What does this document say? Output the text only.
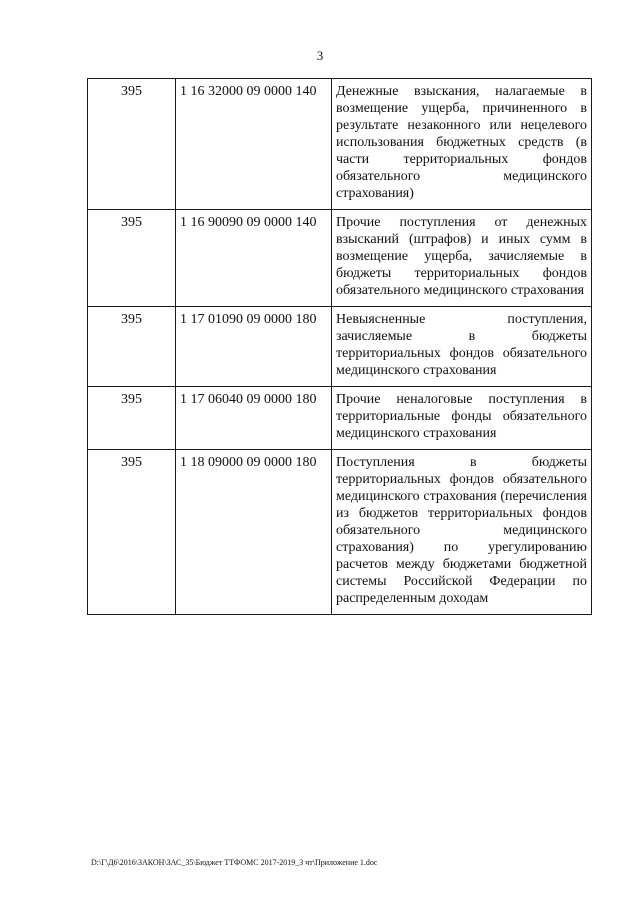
3
395	1 16 32000 09 0000 140	Денежные взыскания, налагаемые в возмещение ущерба, причиненного в результате незаконного или нецелевого использования бюджетных средств (в части территориальных фондов обязательного медицинского страхования)
395	1 16 90090 09 0000 140	Прочие поступления от денежных взысканий (штрафов) и иных сумм в возмещение ущерба, зачисляемые в бюджеты территориальных фондов обязательного медицинского страхования
395	1 17 01090 09 0000 180	Невыясненные поступления, зачисляемые в бюджеты территориальных фондов обязательного медицинского страхования
395	1 17 06040 09 0000 180	Прочие неналоговые поступления в территориальные фонды обязательного медицинского страхования
395	1 18 09000 09 0000 180	Поступления в бюджеты территориальных фондов обязательного медицинского страхования (перечисления из бюджетов территориальных фондов обязательного медицинского страхования) по урегулированию расчетов между бюджетами бюджетной системы Российской Федерации по распределенным доходам
D:\Г\Д6\2016\ЗАКОН\ЗАС_35\Бюджет ТТФОМС 2017-2019_3 чт\Приложение 1.doc
